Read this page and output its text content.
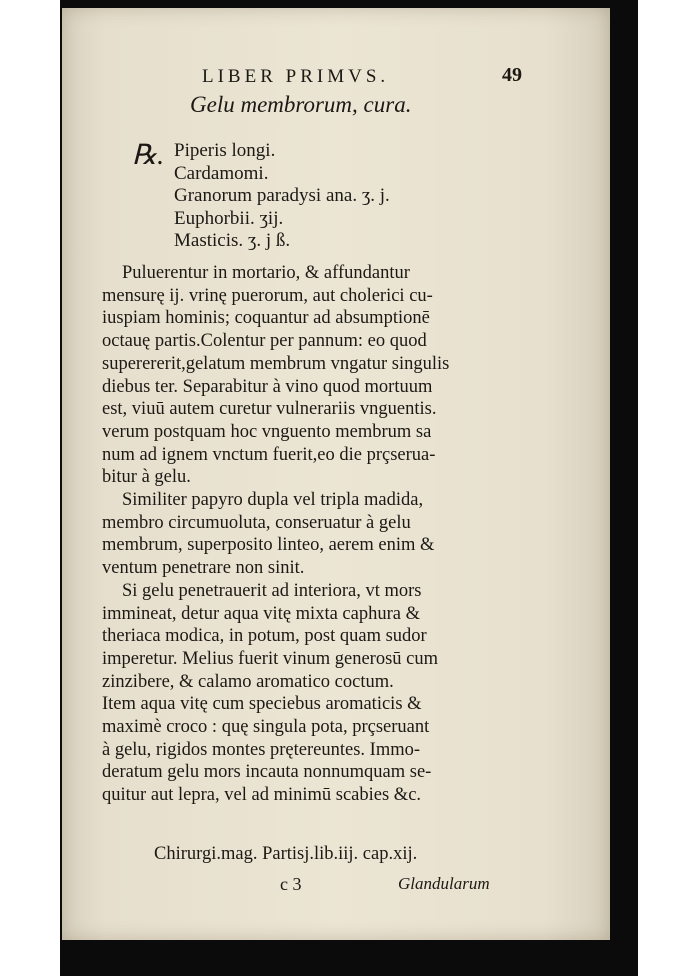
LIBER PRIMVS.	49
Gelu membrorum, cura.
℞. Piperis longi.
Cardamomi.
Granorum paradysi ana. ʒ. j.
Euphorbii. ʒij.
Masticis. ʒ. j ß.
Puluerentur in mortario, & affundantur
mensurę ij. vrinę puerorum, aut cholerici cu-
iuspiam hominis; coquantur ad absumptionē
octauę partis.Colentur per pannum: eo quod
superererit,gelatum membrum vngatur singulis
diebus ter. Separabitur à vino quod mortuum
est, viuū autem curetur vulnerariis vnguentis.
verum postquam hoc vnguento membrum sa
num ad ignem vnctum fuerit,eo die prçserua-
bitur à gelu.
Similiter papyro dupla vel tripla madida,
membro circumuoluta, conseruatur à gelu
membrum, superposito linteo, aerem enim &
ventum penetrare non sinit.
Si gelu penetrauerit ad interiora, vt mors
immineat, detur aqua vitę mixta caphura &
theriaca modica, in potum, post quam sudor
imperetur. Melius fuerit vinum generosū cum
zinzibere, & calamo aromatico coctum.
Item aqua vitę cum speciebus aromaticis &
maximè croco : quę singula pota, prçseruant
à gelu, rigidos montes prętereuntes. Immo-
deratum gelu mors incauta nonnumquam se-
quitur aut lepra, vel ad minimū scabies &c.
Chirurgi.mag. Partisj.lib.iij. cap.xij.
c 3	Glandularum
